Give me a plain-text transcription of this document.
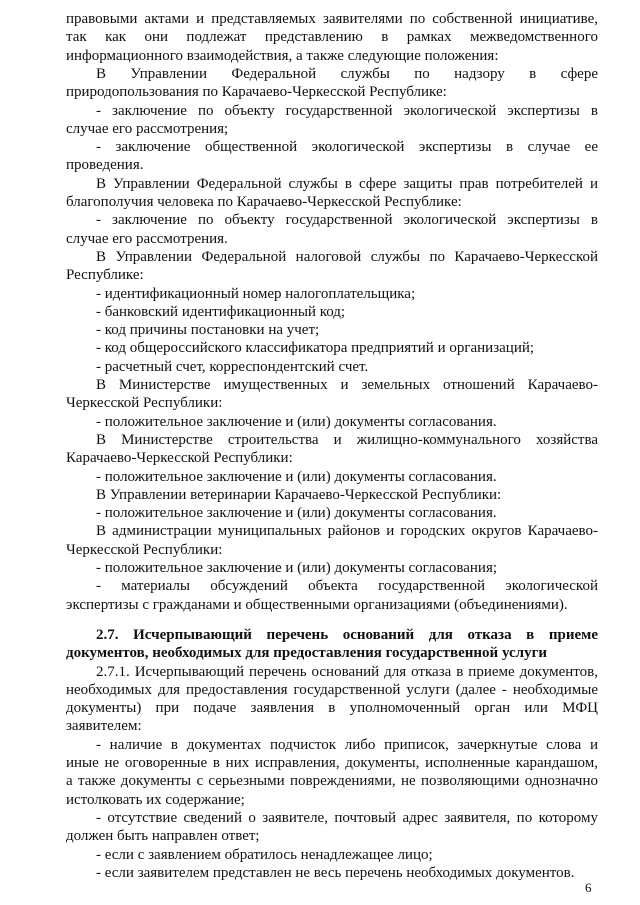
правовыми актами и представляемых заявителями по собственной инициативе,
так как они подлежат представлению в рамках межведомственного
информационного взаимодействия, а также следующие положения:
В Управлении Федеральной службы по надзору в сфере
природопользования по Карачаево-Черкесской Республике:
- заключение по объекту государственной экологической экспертизы в
случае его рассмотрения;
- заключение общественной экологической экспертизы в случае ее
проведения.
В Управлении Федеральной службы в сфере защиты прав потребителей и
благополучия человека по Карачаево-Черкесской Республике:
- заключение по объекту государственной экологической экспертизы в
случае его рассмотрения.
В Управлении Федеральной налоговой службы по Карачаево-Черкесской
Республике:
- идентификационный номер налогоплательщика;
- банковский идентификационный код;
- код причины постановки на учет;
- код общероссийского классификатора предприятий и организаций;
- расчетный счет, корреспондентский счет.
В Министерстве имущественных и земельных отношений Карачаево-
Черкесской Республики:
- положительное заключение и (или) документы согласования.
В Министерстве строительства и жилищно-коммунального хозяйства
Карачаево-Черкесской Республики:
- положительное заключение и (или) документы согласования.
В Управлении ветеринарии Карачаево-Черкесской Республики:
- положительное заключение и (или) документы согласования.
В администрации муниципальных районов и городских округов Карачаево-
Черкесской Республики:
- положительное заключение и (или) документы согласования;
- материалы обсуждений объекта государственной экологической
экспертизы с гражданами и общественными организациями (объединениями).
2.7. Исчерпывающий перечень оснований для отказа в приеме
документов, необходимых для предоставления государственной услуги
2.7.1. Исчерпывающий перечень оснований для отказа в приеме документов,
необходимых для предоставления государственной услуги (далее - необходимые
документы) при подаче заявления в уполномоченный орган или МФЦ
заявителем:
- наличие в документах подчисток либо приписок, зачеркнутые слова и
иные не оговоренные в них исправления, документы, исполненные карандашом,
а также документы с серьезными повреждениями, не позволяющими однозначно
истолковать их содержание;
- отсутствие сведений о заявителе, почтовый адрес заявителя, по которому
должен быть направлен ответ;
- если с заявлением обратилось ненадлежащее лицо;
- если заявителем представлен не весь перечень необходимых документов.
6
